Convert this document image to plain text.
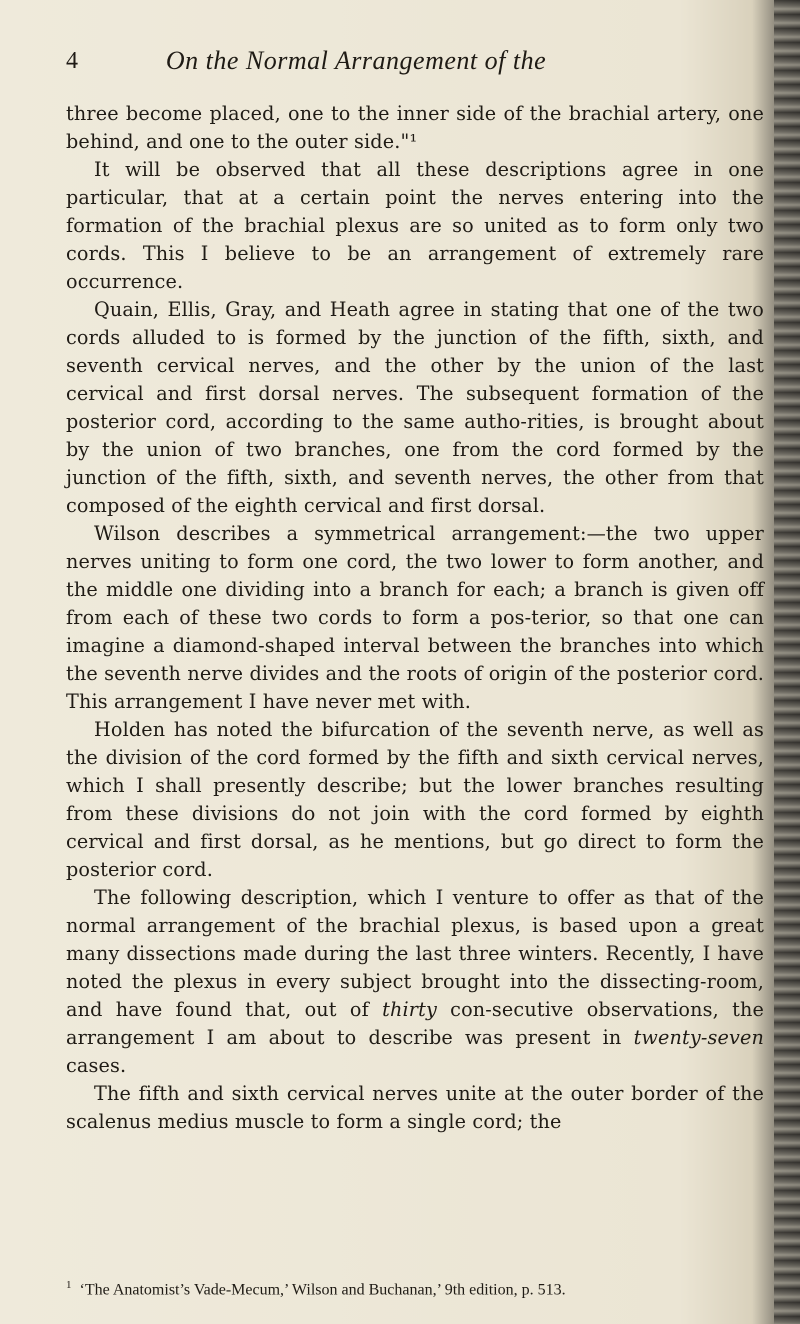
4	On the Normal Arrangement of the

three become placed, one to the inner side of the brachial artery, one behind, and one to the outer side."¹

It will be observed that all these descriptions agree in one particular, that at a certain point the nerves entering into the formation of the brachial plexus are so united as to form only two cords. This I believe to be an arrangement of extremely rare occurrence.

Quain, Ellis, Gray, and Heath agree in stating that one of the two cords alluded to is formed by the junction of the fifth, sixth, and seventh cervical nerves, and the other by the union of the last cervical and first dorsal nerves. The subsequent formation of the posterior cord, according to the same autho-rities, is brought about by the union of two branches, one from the cord formed by the junction of the fifth, sixth, and seventh nerves, the other from that composed of the eighth cervical and first dorsal.

Wilson describes a symmetrical arrangement:—the two upper nerves uniting to form one cord, the two lower to form another, and the middle one dividing into a branch for each; a branch is given off from each of these two cords to form a pos-terior, so that one can imagine a diamond-shaped interval between the branches into which the seventh nerve divides and the roots of origin of the posterior cord. This arrangement I have never met with.

Holden has noted the bifurcation of the seventh nerve, as well as the division of the cord formed by the fifth and sixth cervical nerves, which I shall presently describe; but the lower branches resulting from these divisions do not join with the cord formed by eighth cervical and first dorsal, as he mentions, but go direct to form the posterior cord.

The following description, which I venture to offer as that of the normal arrangement of the brachial plexus, is based upon a great many dissections made during the last three winters. Recently, I have noted the plexus in every subject brought into the dissecting-room, and have found that, out of thirty con-secutive observations, the arrangement I am about to describe was present in twenty-seven cases.

The fifth and sixth cervical nerves unite at the outer border of the scalenus medius muscle to form a single cord; the

$^1$ ‘The Anatomist’s Vade-Mecum,’ Wilson and Buchanan,’ 9th edition, p. 513.
